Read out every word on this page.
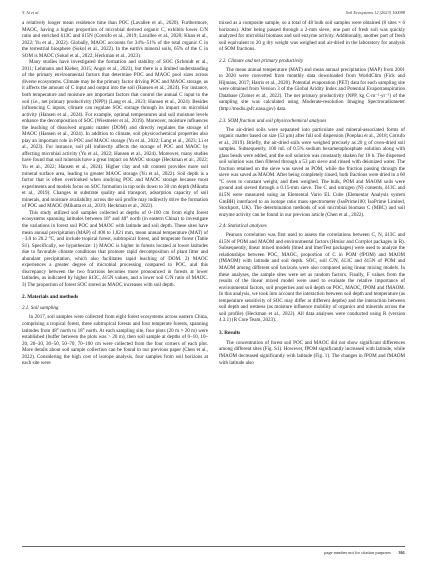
Y. Ai et al.	Soil Ecosystems 12 (2023) 100098

a relatively longer mean residence time than POC (Lavallee et al., 2020). Furthermore, MAOC, having a higher proportion of microbial derived organic C, exhibits lower C/N ratio and enriched δ13C and δ15N (Cotrufo et al., 2019; Lavallee et al., 2020; Khan et al., 2022; Yu et al., 2022). Globally, MAOC accounts for 34%–51% of the total organic C in the terrestrial biosphere (Sokol et al., 2022). In the earth's mineral soils, 65% of the C in SOM is MAOC (Sokol et al., 2022; Heckman et al., 2023).

Many studies have investigated the formation and stability of SOC (Schmidt et al., 2011; Lehmann and Kleber, 2015; Angst et al., 2023), but there is a limited understanding of the primary environmental factors that determine POC and MAOC pool sizes across diverse ecosystems. Climate may be the primary factor driving POC and MAOC storage, as it affects the amount of C input and output into the soil (Hansen et al., 2024). For instance, both temperature and moisture are important factors that control the annual C input to the soil (i.e., net primary productivity (NPP)) (Lang et al., 2023; Hansen et al., 2024). Besides influencing C inputs, climate can regulate SOC storage through its impact on microbial activity (Hansen et al., 2024). For example, optimal temperatures and soil moisture levels enhance the decomposition of SOC (Wiesmeier et al., 2019). Moreover, moisture influences the leaching of dissolved organic matter (DOM) and directly regulates the storage of MAOC (Hansen et al., 2024). In addition to climate, soil physicochemical properties also play an important role in POC and MAOC storage (Yu et al., 2022; Lang et al., 2023; Li et al., 2023). For instance, soil pH indirectly affects the storage of POC and MAOC by affecting microbial activity (Yu et al., 2022; Hansen et al., 2024). Moreover, many studies have found that soil minerals have a great impact on MAOC storage (Heckman et al., 2022; Yu et al., 2022; Hansen et al., 2024). Higher clay and silt content provides more soil mineral surface area, leading to greater MAOC storage (Yu et al., 2022). Soil depth is a factor that is often overlooked when studying POC and MAOC storage because most experiments and models focus on SOC formation in top soils down to 30 cm depth (Mikutta et al., 2019). Changes in substrate quality and transport, adsorption capacity of soil minerals, and moisture availability across the soil profile may indirectly drive the formation of POC and MAOC (Mikutta et al., 2019; Heckman et al., 2022).

This study utilized soil samples collected at depths of 0–100 cm from eight forest ecosystems spanning latitudes between 18° and 48° north (in eastern China) to investigate the variations in forest soil POC and MAOC with latitude and soil depth. These sites have mean annual precipitation (MAP) of 400 to 1,821 mm, mean annual temperature (MAT) of −3.0 to 20.2 °C, and include tropical forest, subtropical forest, and temperate forest (Table S1). Specifically, we hypothesize: 1) MAOC is higher in forests located at lower latitudes due to favorable climate conditions that promote rapid decomposition of plant litter and abundant precipitation, which also facilitates rapid leaching of DOM. 2) MAOC experiences a greater degree of microbial processing compared to POC, and this discrepancy between the two fractions becomes more pronounced in forests at lower latitudes, as indicated by higher δ13C, δ15N values, and a lower soil C/N ratio of MAOC. 3) The proportion of forest SOC stored as MAOC increases with soil depth.

2. Materials and methods
2.1. Soil sampling

In 2017, soil samples were collected from eight forest ecosystems across eastern China, comprising a tropical forest, three subtropical forests and four temperate forests, spanning latitudes from 48° north to 18° north. At each sampling site, four plots (20 m × 20 m) were established (buffer between the plots was > 20 m), then soil sample at depths of 0–10, 10–20, 20–30, 30–50, 50–70, 70–100 cm were collected from the four corners of each plot. More details about soil sample collection can be found in our previous paper (Chen et al., 2022). Considering the high cost of isotope analysis, four samples from soil horizons at each site were

mixed as a composite sample, so a total of 48 bulk soil samples were obtained (8 sites × 6 horizons). After being passed through a 2-mm sieve, one part of fresh soil was quickly analyzed for microbial biomass and soil enzyme activity. Additionally, another part of fresh soil equivalent to 20 g dry weight was weighed and air-dried in the laboratory for analysis of SOM fractions.

2.2. Climate and net primary productivity

The mean annual temperature (MAT) and mean annual precipitation (MAP) from 2001 to 2020 were converted from monthly data downloaded from WorldClim (Fick and Hijmans, 2017; Harris et al., 2020). Potential evaporation (PET) data for each sampling site were obtained from Version 3 of the Global Aridity Index and Potential Evapotranspiration Database (Zomer et al., 2022). The net primary productivity (NPP, kg C·m⁻²·yr⁻¹) of the sampling site was calculated using Moderate-resolution Imaging Spectroradiometer (http://modis.gsfc.nasa.gov) data.

2.3. SOM fraction and soil physicochemical analyses

The air-dried soils were separated into particulate and mineral-associated forms of organic matter based on size (53 μm) after full soil dispersion (Poeplau et al., 2018; Cotrufo et al., 2019). Briefly, the air-dried soils were weighed precisely as 20 g of oven-dried soil samples. Subsequently, 100 mL of 0.5% sodium hexametaphosphate solution along with glass beads were added, and the soil solution was constantly shaken for 18 h. The dispersed soil solution was then filtered through a 53 μm sieve and rinsed with deionized water. The fraction retained on the sieve was saved as POM, while the fraction passing through the sieve was saved as MAOM. After being completely rinsed, both fractions were dried in a 60 °C oven to constant weight, and then weighed. The bulk, POM and MAOM soils were ground and sieved through a 0.15-mm sieve. The C and nitrogen (N) contents, δ13C and δ15N were measured using an Elemental Vario EL Cube (Elementar Analysis system GmBH) interfaced to an isotope ratio mass spectrometer (IsoPrime100; IsoPrime Limited, Stockport, UK). The determination methods of soil microbial biomass C (MBC) and soil enzyme activity can be found in our previous article (Chen et al., 2022).

2.4. Statistical analyses

Pearson correlation was first used to assess the correlations between C, N, δ13C and δ15N of POM and MAOM and environmental factors (Hmisc and Corrplot packages in R). Subsequently, linear mixed models (lme4 and lmerTest packages) were used to analyze the relationships between POC, MAOC, proportion of C in POM (fPOM) and MAOM (fMAOM) with latitude and soil depth. SOC, soil C/N, δ13C and δ15N of POM and MAOM among different soil horizons were also compared using linear mixing models. In these analyses, the sample sites were set as random factors. Finally, F values from the results of the linear mixed model were used to evaluate the relative importance of environmental factors, soil properties and soil depth on POC, MAOC, fPOM and fMAOM. In this analysis, we took into account the interaction between soil depth and temperature (as temperature sensitivity of SOC may differ at different depths) and the interaction between soil depth and wetness (as moisture influence mobility of organics and minerals across the soil profile) (Heckman et al., 2022). All data analyses were conducted using R (version 4.3.1) (R Core Team, 2023).

3. Results

The concentration of forest soil POC and MAOC did not show significant differences among different sites (Fig. S1). However, fPOM significantly increased with latitude, while fMAOM decreased significantly with latitude (Fig. 1). The changes in fPOM and fMAOM with latitude also

page number not for citation purposes 361
